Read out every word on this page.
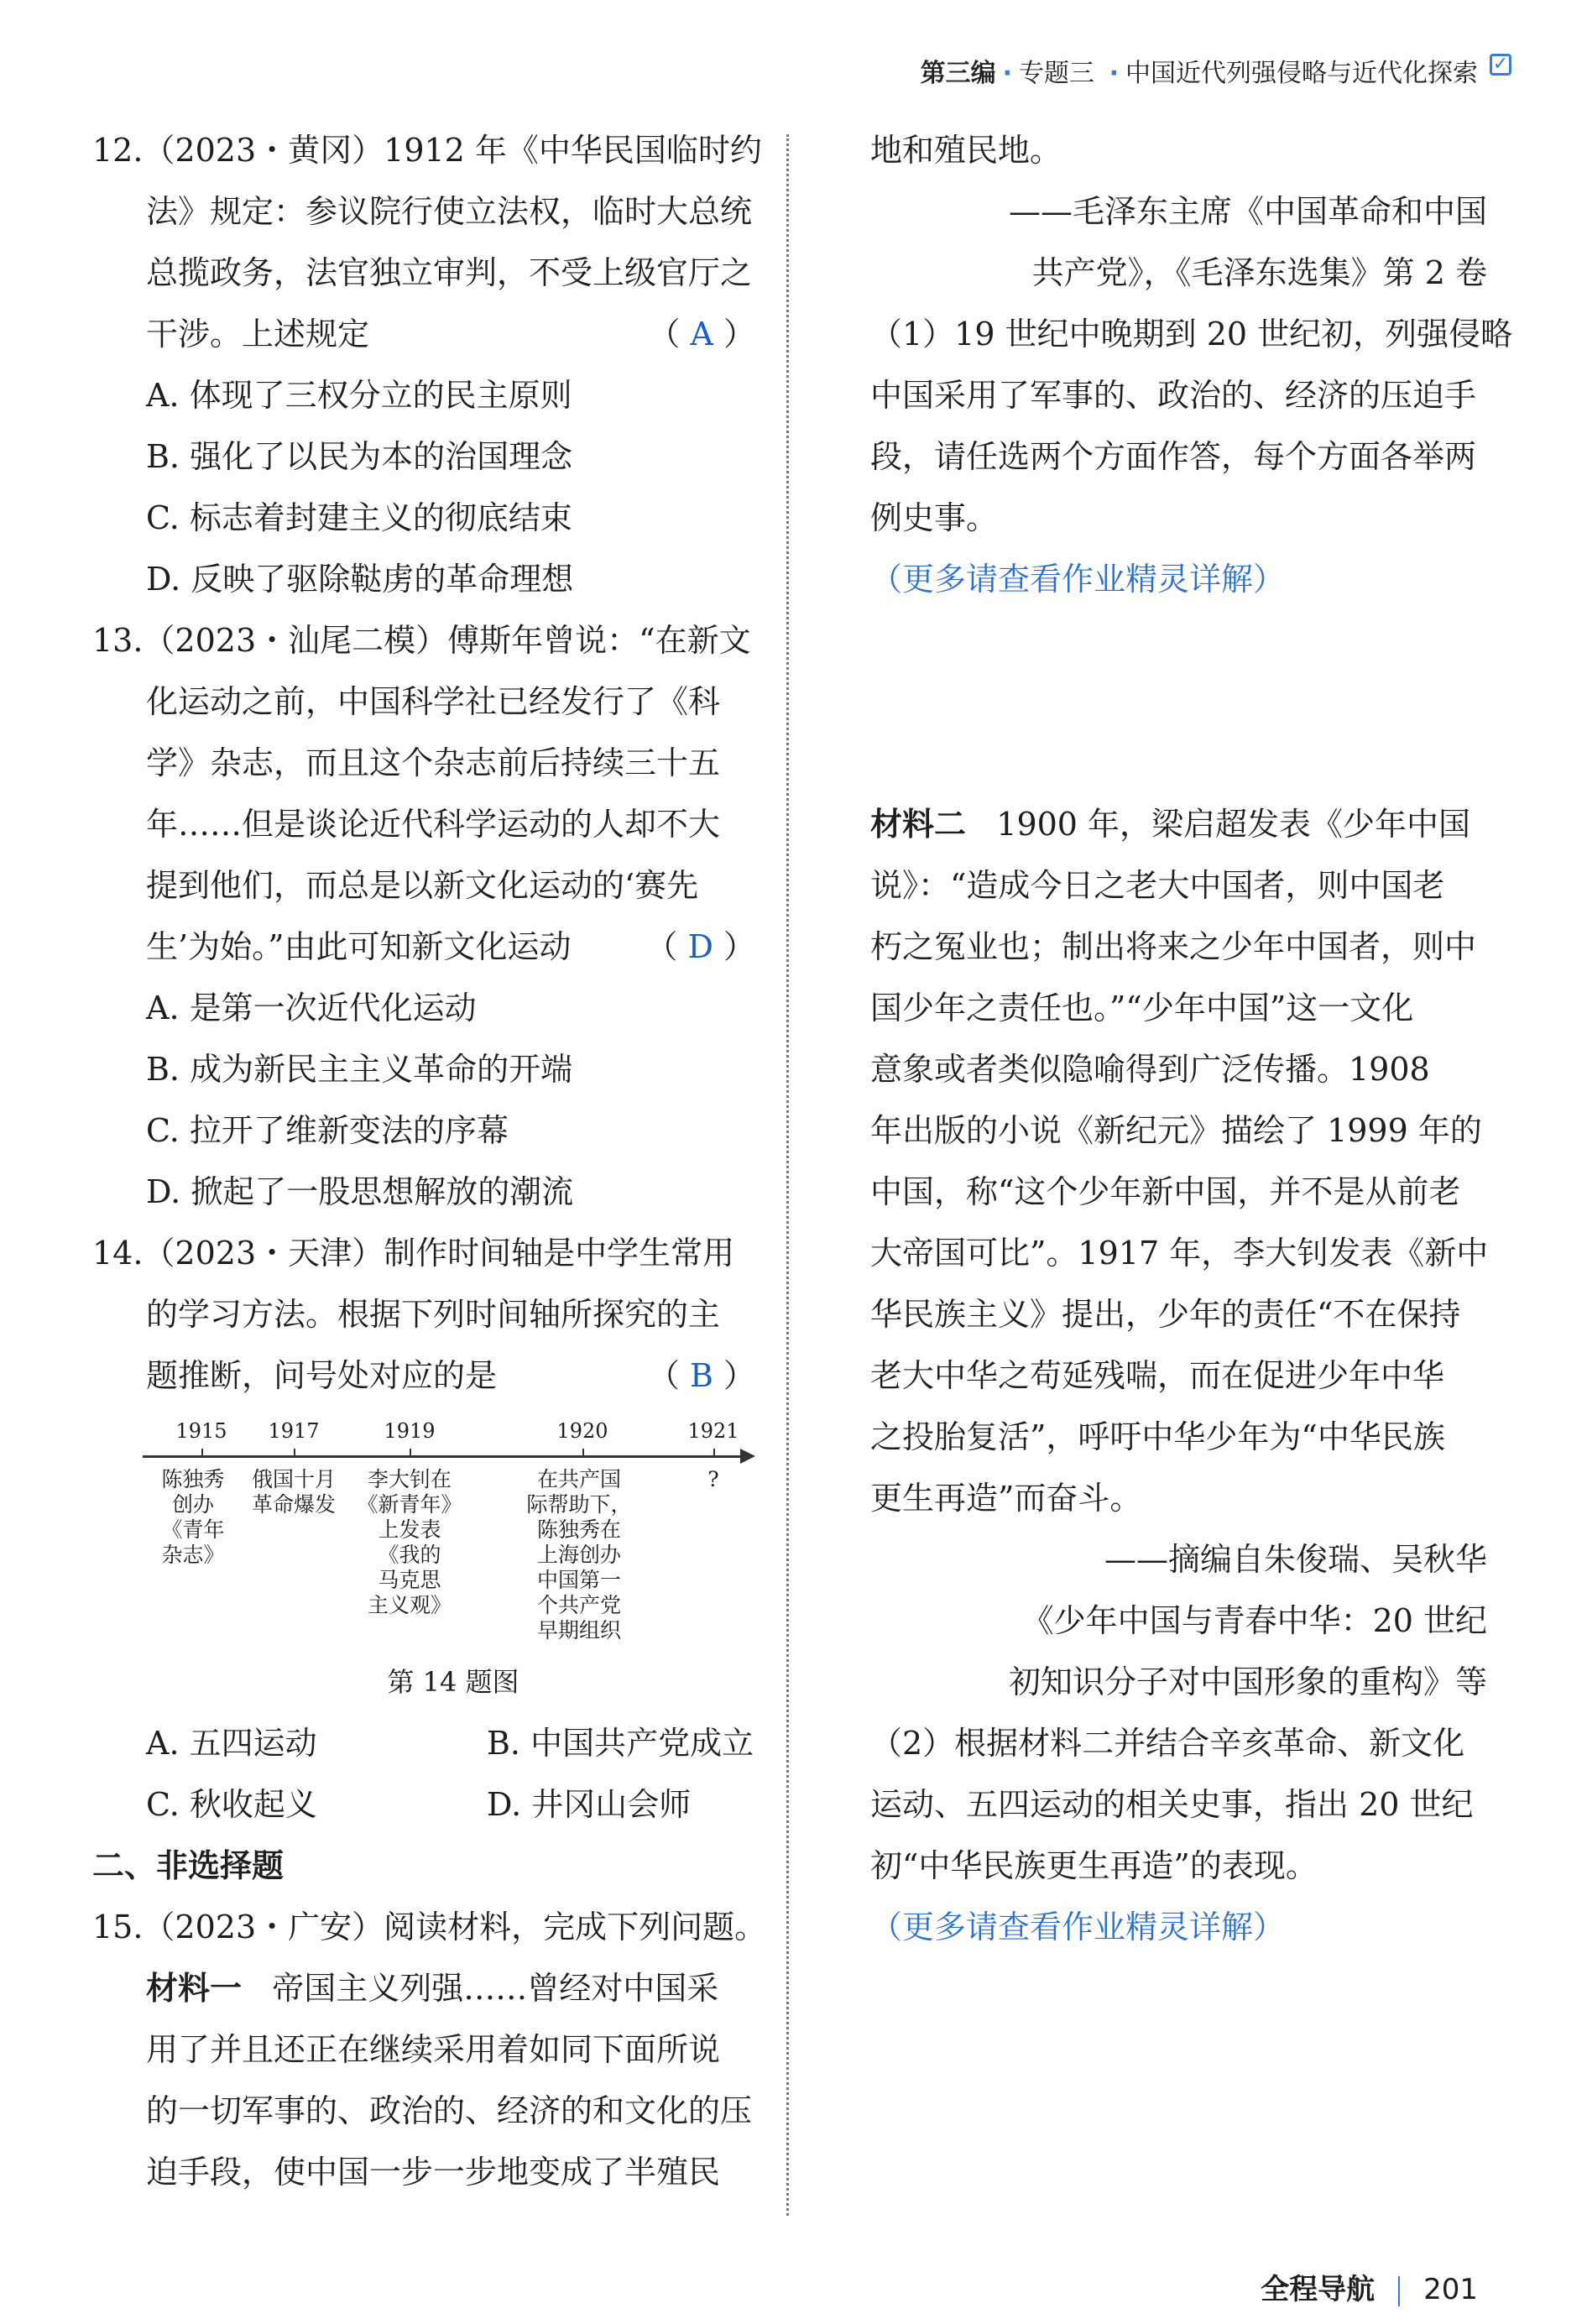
第三编 · 专题三 · 中国近代列强侵略与近代化探索 ✓
12.（2023・黄冈）1912 年《中华民国临时约
法》规定：参议院行使立法权，临时大总统
总揽政务，法官独立审判，不受上级官厅之
干涉。上述规定	（ A ）
A. 体现了三权分立的民主原则
B. 强化了以民为本的治国理念
C. 标志着封建主义的彻底结束
D. 反映了驱除鞑虏的革命理想
13.（2023・汕尾二模）傅斯年曾说：“在新文
化运动之前，中国科学社已经发行了《科
学》杂志，而且这个杂志前后持续三十五
年……但是谈论近代科学运动的人却不大
提到他们，而总是以新文化运动的‘赛先
生’为始。”由此可知新文化运动 （ D ）
A. 是第一次近代化运动
B. 成为新民主主义革命的开端
C. 拉开了维新变法的序幕
D. 掀起了一股思想解放的潮流
14.（2023・天津）制作时间轴是中学生常用
的学习方法。根据下列时间轴所探究的主
题推断，问号处对应的是	（ B ）
1915 1917	1919	1920	1921
陈独秀
创办
《青年
杂志》
俄国十月
革命爆发
李大钊在
《新青年》
上发表
《我的
马克思
主义观》
在共产国
际帮助下，
陈独秀在
上海创办
中国第一
个共产党
早期组织
?
第 14 题图
A. 五四运动	B. 中国共产党成立
C. 秋收起义	D. 井冈山会师
二、非选择题
15.（2023・广安）阅读材料，完成下列问题。
材料一 帝国主义列强……曾经对中国采
用了并且还正在继续采用着如同下面所说
的一切军事的、政治的、经济的和文化的压
迫手段，使中国一步一步地变成了半殖民
地和殖民地。
——毛泽东主席《中国革命和中国
共产党》，《毛泽东选集》第 2 卷
（1）19 世纪中晚期到 20 世纪初，列强侵略
中国采用了军事的、政治的、经济的压迫手
段，请任选两个方面作答，每个方面各举两
例史事。
（更多请查看作业精灵详解）
材料二 1900 年，梁启超发表《少年中国
说》：“造成今日之老大中国者，则中国老
朽之冤业也；制出将来之少年中国者，则中
国少年之责任也。”“少年中国”这一文化
意象或者类似隐喻得到广泛传播。1908
年出版的小说《新纪元》描绘了 1999 年的
中国，称“这个少年新中国，并不是从前老
大帝国可比”。1917 年，李大钊发表《新中
华民族主义》提出，少年的责任“不在保持
老大中华之苟延残喘，而在促进少年中华
之投胎复活”，呼吁中华少年为“中华民族
更生再造”而奋斗。
——摘编自朱俊瑞、吴秋华
《少年中国与青春中华：20 世纪
初知识分子对中国形象的重构》等
（2）根据材料二并结合辛亥革命、新文化
运动、五四运动的相关史事，指出 20 世纪
初“中华民族更生再造”的表现。
（更多请查看作业精灵详解）
全程导航 201
